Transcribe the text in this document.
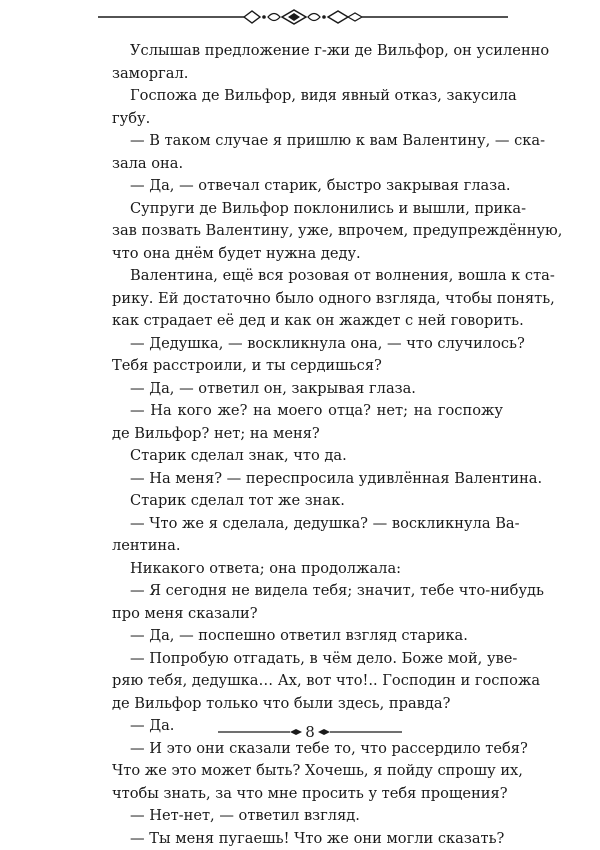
Услышав предложение г-жи де Вильфор, он усиленно
заморгал.
Госпожа де Вильфор, видя явный отказ, закусила
губу.
— В таком случае я пришлю к вам Валентину, — ска-
зала она.
— Да, — отвечал старик, быстро закрывая глаза.
Супруги де Вильфор поклонились и вышли, прика-
зав позвать Валентину, уже, впрочем, предупреждённую,
что она днём будет нужна деду.
Валентина, ещё вся розовая от волнения, вошла к ста-
рику. Ей достаточно было одного взгляда, чтобы понять,
как страдает её дед и как он жаждет с ней говорить.
— Дедушка, — воскликнула она, — что случилось?
Тебя расстроили, и ты сердишься?
— Да, — ответил он, закрывая глаза.
— На кого же? на моего отца? нет; на госпожу
де Вильфор? нет; на меня?
Старик сделал знак, что да.
— На меня? — переспросила удивлённая Валентина.
Старик сделал тот же знак.
— Что же я сделала, дедушка? — воскликнула Ва-
лентина.
Никакого ответа; она продолжала:
— Я сегодня не видела тебя; значит, тебе что-нибудь
про меня сказали?
— Да, — поспешно ответил взгляд старика.
— Попробую отгадать, в чём дело. Боже мой, уве-
ряю тебя, дедушка… Ах, вот что!.. Господин и госпожа
де Вильфор только что были здесь, правда?
— Да.
— И это они сказали тебе то, что рассердило тебя?
Что же это может быть? Хочешь, я пойду спрошу их,
чтобы знать, за что мне просить у тебя прощения?
— Нет-нет, — ответил взгляд.
— Ты меня пугаешь! Что же они могли сказать?
8
